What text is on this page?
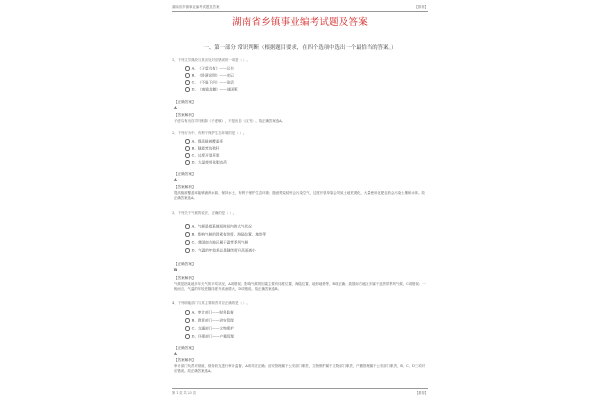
湖南省乡镇事业编考试题及答案	【推荐】
湖南省乡镇事业编考试题及答案
一、第一部分 常识判断（根据题目要求，在四个选项中选出一个最恰当的答案。）
1、下列文学典故与其出处对应错误的一项是（ ）。
A、《子虚乌有》——汉书
B、《卧薪尝胆》——史记
C、《不耻下问》——论语
D、《南辕北辙》——战国策
【正确答案】
A
【答案解析】
子虚乌有出自司马相如《子虚赋》，不是出自《汉书》。故正确答案选A。
2、下列行为中，有利于保护生态环境的是（ ）。
A、提高植被覆盖率
B、随意焚烧秸秆
C、过度开垦草原
D、大量使用化肥农药
【正确答案】
A
【答案解析】
提高植被覆盖率能够涵养水源、保持水土，有利于保护生态环境；随意焚烧秸秆会污染空气，过度开垦草原会导致土地荒漠化，大量使用化肥农药会污染土壤和水体。故正确答案选A。
3、下列关于气候的说法，正确的是（ ）。
A、气候是指某地短时间内的大气状况
B、影响气候的因素有纬度、海陆位置、地形等
C、我国南方地区属于温带季风气候
D、气温的年较差总是随纬度升高而减小
【正确答案】
B
【答案解析】
气候是指某地多年天气的平均状况，A项错误；影响气候的因素主要有纬度位置、海陆位置、地形地势等，B项正确；我国南方地区多属于亚热带季风气候，C项错误；一般而言，气温的年较差随纬度升高而增大，D项错误。故正确答案选B。
4、下列职能部门与其主要职责对应正确的是（ ）。
A、审计部门——财务监督
B、教育部门——治安管理
C、交通部门——文物保护
D、环保部门——户籍管理
【正确答案】
A
【答案解析】
审计部门负责对财政、财务收支进行审计监督，A项对应正确；治安管理属于公安部门职责，文物保护属于文物部门职责，户籍管理属于公安部门职责，B、C、D三项对应错误。故正确答案选A。
第 1 页 共 23 页	【推荐】
